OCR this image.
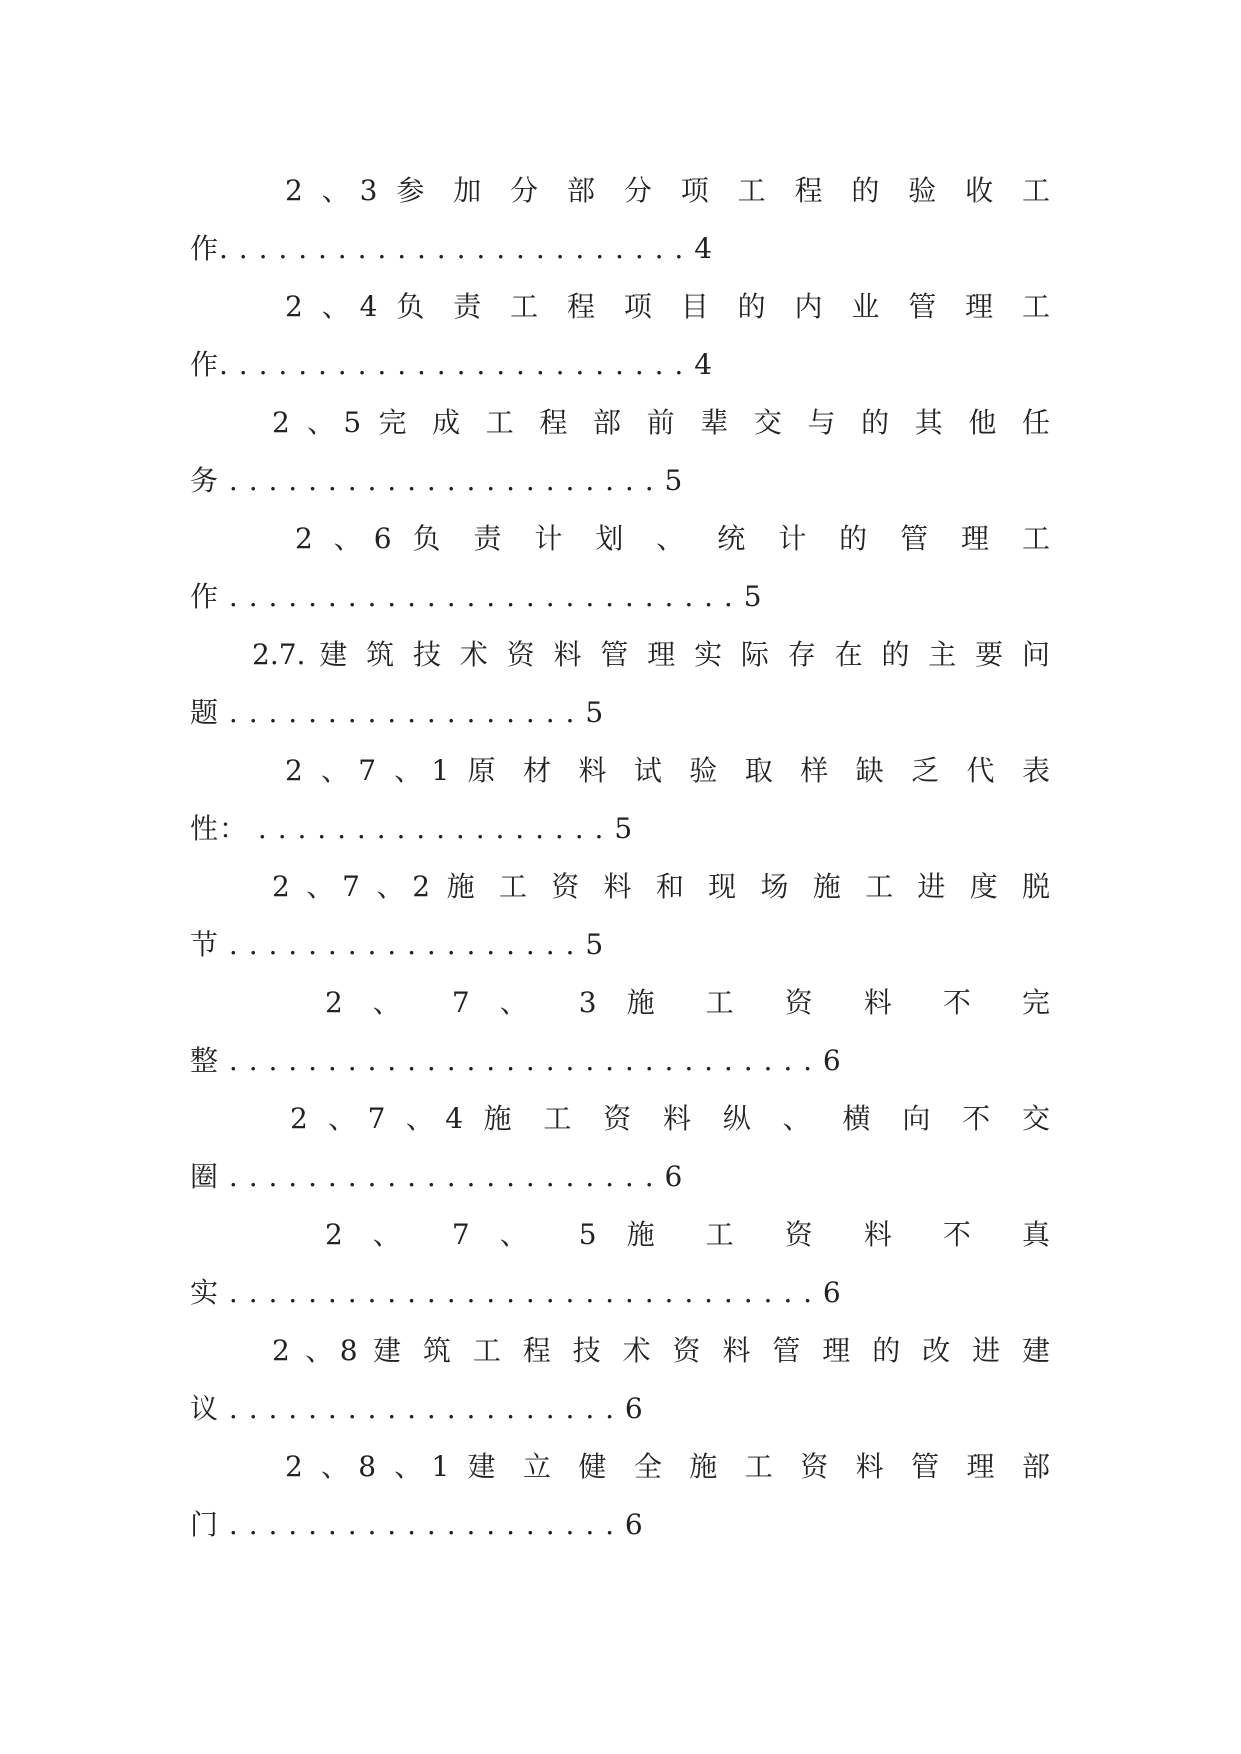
2 、3 参 加 分 部 分 项 工 程 的 验 收 工
作. . . . . . . . . . . . . . . . . . . . . . . . 4
2 、4 负 责 工 程 项 目 的 内 业 管 理 工
作. . . . . . . . . . . . . . . . . . . . . . . . 4
2 、5 完 成 工 程 部 前 辈 交 与 的 其 他 任
务 . . . . . . . . . . . . . . . . . . . . . . 5
2 、6 负 责 计 划 、 统 计 的 管 理 工
作 . . . . . . . . . . . . . . . . . . . . . . . . . . 5
2.7. 建 筑 技 术 资 料 管 理 实 际 存 在 的 主 要 问
题 . . . . . . . . . . . . . . . . . . 5
2 、7 、1 原 材 料 试 验 取 样 缺 乏 代 表
性： . . . . . . . . . . . . . . . . . . 5
2 、7 、2 施 工 资 料 和 现 场 施 工 进 度 脱
节 . . . . . . . . . . . . . . . . . . 5
2 、 7 、 3 施 工 资 料 不 完
整 . . . . . . . . . . . . . . . . . . . . . . . . . . . . . . 6
2 、7 、4 施 工 资 料 纵 、 横 向 不 交
圈 . . . . . . . . . . . . . . . . . . . . . . 6
2 、 7 、 5 施 工 资 料 不 真
实 . . . . . . . . . . . . . . . . . . . . . . . . . . . . . . 6
2 、8 建 筑 工 程 技 术 资 料 管 理 的 改 进 建
议 . . . . . . . . . . . . . . . . . . . . 6
2 、8 、1 建 立 健 全 施 工 资 料 管 理 部
门 . . . . . . . . . . . . . . . . . . . . 6
